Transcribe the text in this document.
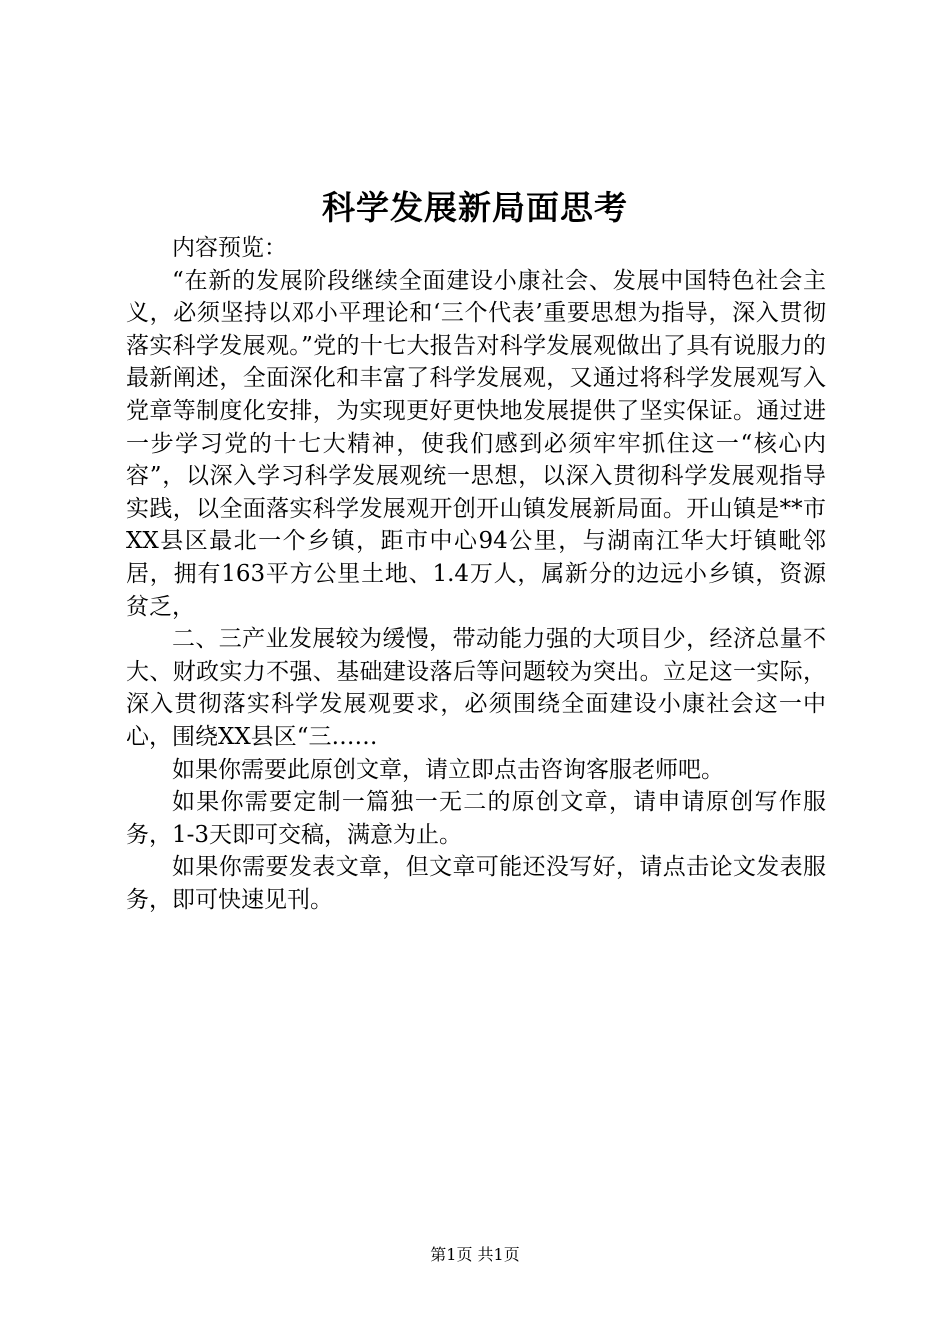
科学发展新局面思考

内容预览：

“在新的发展阶段继续全面建设小康社会、发展中国特色社会主义，必须坚持以邓小平理论和‘三个代表’重要思想为指导，深入贯彻落实科学发展观。”党的十七大报告对科学发展观做出了具有说服力的最新阐述，全面深化和丰富了科学发展观，又通过将科学发展观写入党章等制度化安排，为实现更好更快地发展提供了坚实保证。通过进一步学习党的十七大精神，使我们感到必须牢牢抓住这一“核心内容”，以深入学习科学发展观统一思想，以深入贯彻科学发展观指导实践，以全面落实科学发展观开创开山镇发展新局面。开山镇是**市XX县区最北一个乡镇，距市中心94公里，与湖南江华大圩镇毗邻居，拥有163平方公里土地、1.4万人，属新分的边远小乡镇，资源贫乏，

二、三产业发展较为缓慢，带动能力强的大项目少，经济总量不大、财政实力不强、基础建设落后等问题较为突出。立足这一实际，深入贯彻落实科学发展观要求，必须围绕全面建设小康社会这一中心，围绕XX县区“三……

如果你需要此原创文章，请立即点击咨询客服老师吧。

如果你需要定制一篇独一无二的原创文章，请申请原创写作服务，1-3天即可交稿，满意为止。

如果你需要发表文章，但文章可能还没写好，请点击论文发表服务，即可快速见刊。

第1页 共1页
